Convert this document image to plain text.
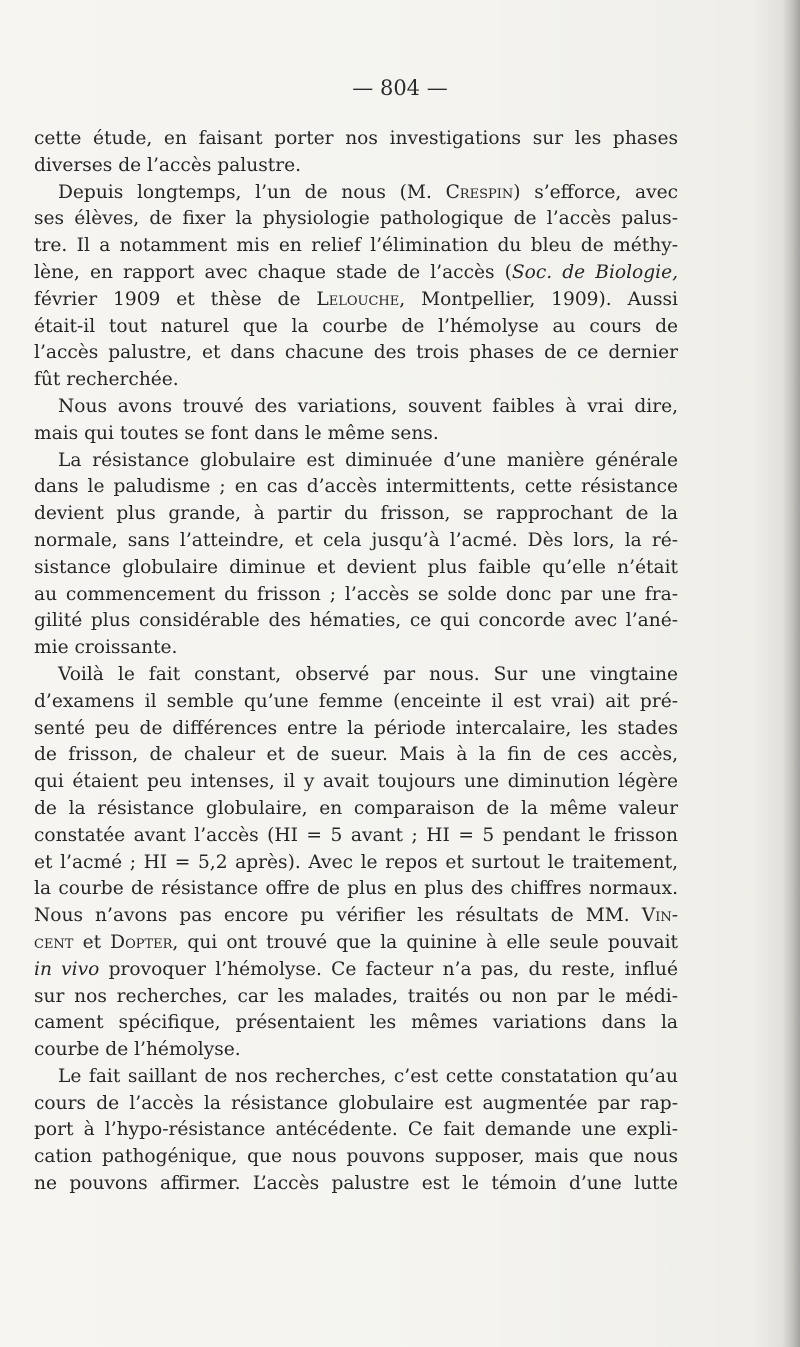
— 804 —
cette étude, en faisant porter nos investigations sur les phases
diverses de l’accès palustre.
Depuis longtemps, l’un de nous (M. Crespin) s’efforce, avec
ses élèves, de fixer la physiologie pathologique de l’accès palus-
tre. Il a notamment mis en relief l’élimination du bleu de méthy-
lène, en rapport avec chaque stade de l’accès (Soc. de Biologie,
février 1909 et thèse de Lelouche, Montpellier, 1909). Aussi
était-il tout naturel que la courbe de l’hémolyse au cours de
l’accès palustre, et dans chacune des trois phases de ce dernier
fût recherchée.
Nous avons trouvé des variations, souvent faibles à vrai dire,
mais qui toutes se font dans le même sens.
La résistance globulaire est diminuée d’une manière générale
dans le paludisme ; en cas d’accès intermittents, cette résistance
devient plus grande, à partir du frisson, se rapprochant de la
normale, sans l’atteindre, et cela jusqu’à l’acmé. Dès lors, la ré-
sistance globulaire diminue et devient plus faible qu’elle n’était
au commencement du frisson ; l’accès se solde donc par une fra-
gilité plus considérable des hématies, ce qui concorde avec l’ané-
mie croissante.
Voilà le fait constant, observé par nous. Sur une vingtaine
d’examens il semble qu’une femme (enceinte il est vrai) ait pré-
senté peu de différences entre la période intercalaire, les stades
de frisson, de chaleur et de sueur. Mais à la fin de ces accès,
qui étaient peu intenses, il y avait toujours une diminution légère
de la résistance globulaire, en comparaison de la même valeur
constatée avant l’accès (HI = 5 avant ; HI = 5 pendant le frisson
et l’acmé ; HI = 5,2 après). Avec le repos et surtout le traitement,
la courbe de résistance offre de plus en plus des chiffres normaux.
Nous n’avons pas encore pu vérifier les résultats de MM. Vin-
cent et Dopter, qui ont trouvé que la quinine à elle seule pouvait
in vivo provoquer l’hémolyse. Ce facteur n’a pas, du reste, influé
sur nos recherches, car les malades, traités ou non par le médi-
cament spécifique, présentaient les mêmes variations dans la
courbe de l’hémolyse.
Le fait saillant de nos recherches, c’est cette constatation qu’au
cours de l’accès la résistance globulaire est augmentée par rap-
port à l’hypo-résistance antécédente. Ce fait demande une expli-
cation pathogénique, que nous pouvons supposer, mais que nous
ne pouvons affirmer. L’accès palustre est le témoin d’une lutte
